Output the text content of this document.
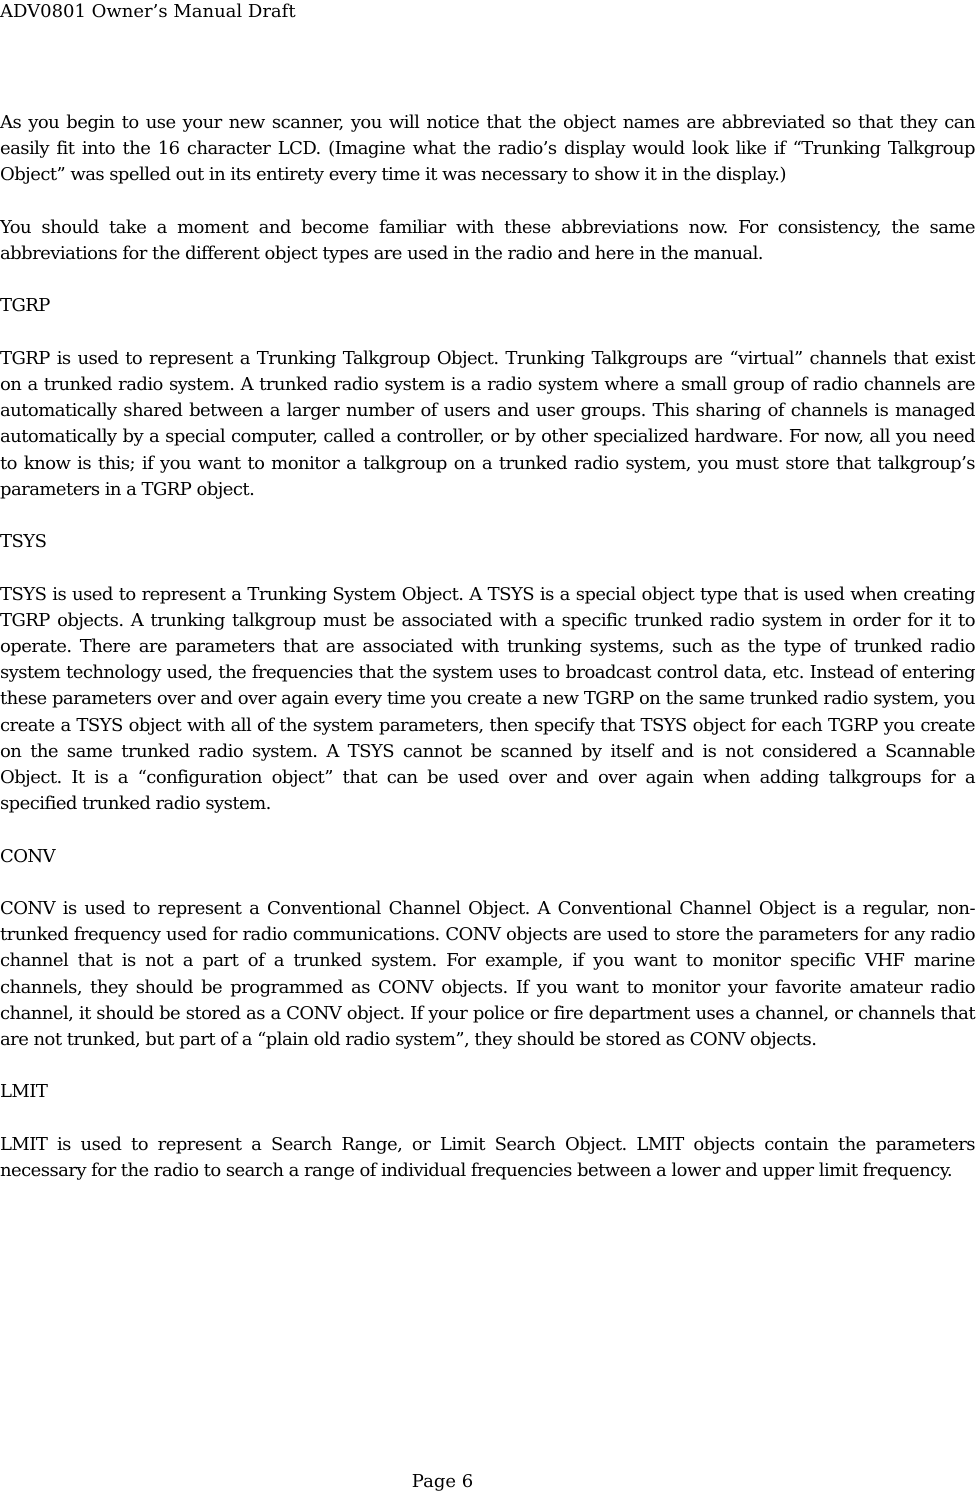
ADV0801 Owner’s Manual Draft

As you begin to use your new scanner, you will notice that the object names are abbreviated so that they can easily fit into the 16 character LCD. (Imagine what the radio’s display would look like if “Trunking Talkgroup Object” was spelled out in its entirety every time it was necessary to show it in the display.)

You should take a moment and become familiar with these abbreviations now. For consistency, the same abbreviations for the different object types are used in the radio and here in the manual.

TGRP

TGRP is used to represent a Trunking Talkgroup Object. Trunking Talkgroups are “virtual” channels that exist on a trunked radio system. A trunked radio system is a radio system where a small group of radio channels are automatically shared between a larger number of users and user groups. This sharing of channels is managed automatically by a special computer, called a controller, or by other specialized hardware. For now, all you need to know is this; if you want to monitor a talkgroup on a trunked radio system, you must store that talkgroup’s parameters in a TGRP object.

TSYS

TSYS is used to represent a Trunking System Object. A TSYS is a special object type that is used when creating TGRP objects. A trunking talkgroup must be associated with a specific trunked radio system in order for it to operate. There are parameters that are associated with trunking systems, such as the type of trunked radio system technology used, the frequencies that the system uses to broadcast control data, etc. Instead of entering these parameters over and over again every time you create a new TGRP on the same trunked radio system, you create a TSYS object with all of the system parameters, then specify that TSYS object for each TGRP you create on the same trunked radio system. A TSYS cannot be scanned by itself and is not considered a Scannable Object. It is a “configuration object” that can be used over and over again when adding talkgroups for a specified trunked radio system.

CONV

CONV is used to represent a Conventional Channel Object. A Conventional Channel Object is a regular, non-trunked frequency used for radio communications. CONV objects are used to store the parameters for any radio channel that is not a part of a trunked system. For example, if you want to monitor specific VHF marine channels, they should be programmed as CONV objects. If you want to monitor your favorite amateur radio channel, it should be stored as a CONV object. If your police or fire department uses a channel, or channels that are not trunked, but part of a “plain old radio system”, they should be stored as CONV objects.

LMIT

LMIT is used to represent a Search Range, or Limit Search Object. LMIT objects contain the parameters necessary for the radio to search a range of individual frequencies between a lower and upper limit frequency.

Page 6
